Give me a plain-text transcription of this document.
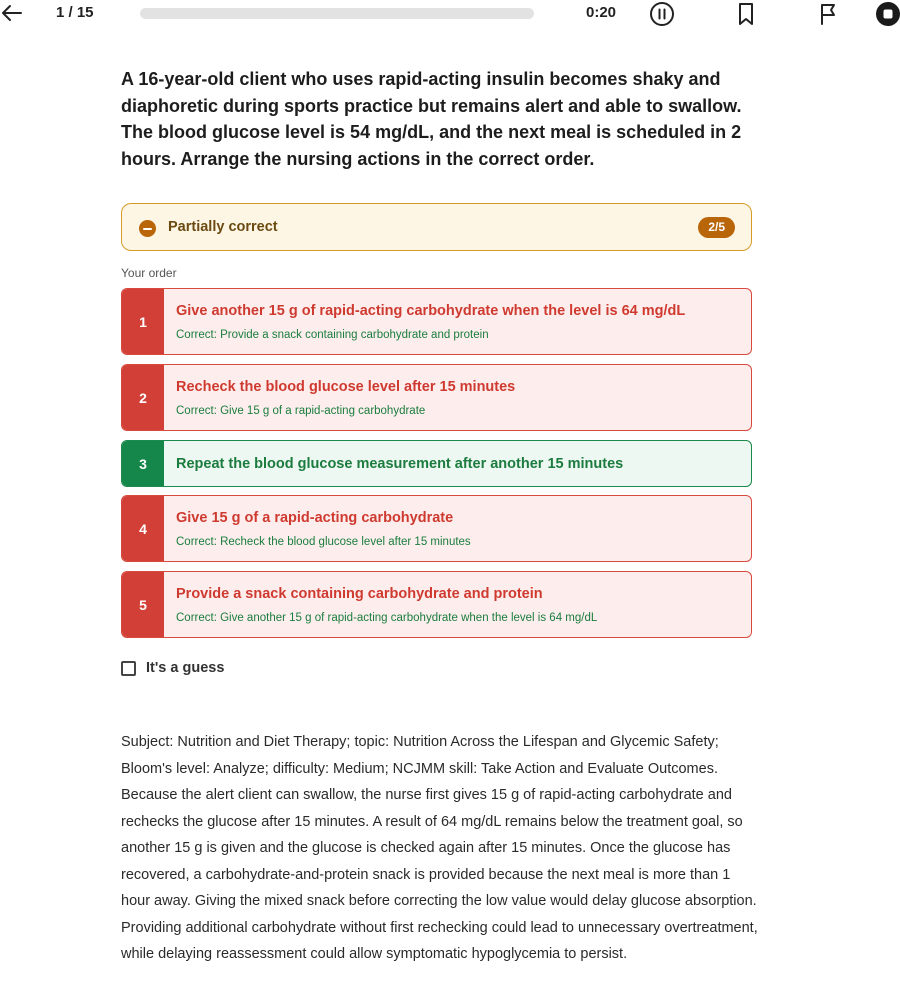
1 / 15	0:20

A 16-year-old client who uses rapid-acting insulin becomes shaky and diaphoretic during sports practice but remains alert and able to swallow. The blood glucose level is 54 mg/dL, and the next meal is scheduled in 2 hours. Arrange the nursing actions in the correct order.

Partially correct	2/5
Your order
1
Give another 15 g of rapid-acting carbohydrate when the level is 64 mg/dL
Correct: Provide a snack containing carbohydrate and protein
2
Recheck the blood glucose level after 15 minutes
Correct: Give 15 g of a rapid-acting carbohydrate
3	Repeat the blood glucose measurement after another 15 minutes
4
Give 15 g of a rapid-acting carbohydrate
Correct: Recheck the blood glucose level after 15 minutes
5
Provide a snack containing carbohydrate and protein
Correct: Give another 15 g of rapid-acting carbohydrate when the level is 64 mg/dL
It's a guess

Subject: Nutrition and Diet Therapy; topic: Nutrition Across the Lifespan and Glycemic Safety; Bloom's level: Analyze; difficulty: Medium; NCJMM skill: Take Action and Evaluate Outcomes. Because the alert client can swallow, the nurse first gives 15 g of rapid-acting carbohydrate and rechecks the glucose after 15 minutes. A result of 64 mg/dL remains below the treatment goal, so another 15 g is given and the glucose is checked again after 15 minutes. Once the glucose has recovered, a carbohydrate-and-protein snack is provided because the next meal is more than 1 hour away. Giving the mixed snack before correcting the low value would delay glucose absorption. Providing additional carbohydrate without first rechecking could lead to unnecessary overtreatment, while delaying reassessment could allow symptomatic hypoglycemia to persist.
